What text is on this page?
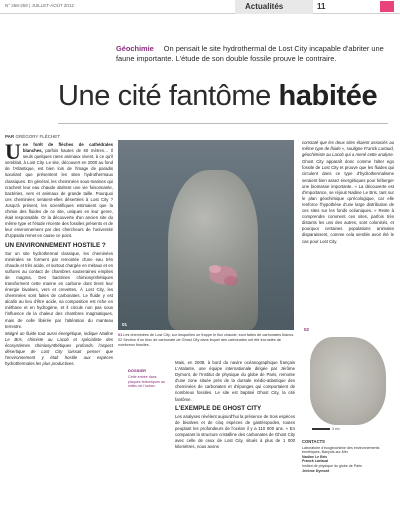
N° 258-259 | JUILLET-AOÛT 2012	Actualités	11
Géochimie On pensait le site hydrothermal de Lost City incapable d'abriter une faune importante. L'étude de son double fossile prouve le contraire.
Une cité fantôme habitée
PAR GRÉGORY FLÉCHET

Une forêt de flèches de cathédrales blanches, parfois hautes de 60 mètres… Il seuls quelques rares animaux vivent, à ce qu'il semblait, à Lost City. Le site, découvert en 2000 au fond de l'Atlantique, est bien loin de l'image de paradis luxuriant que présentent les sites hydrothermaux classiques. En général, les cheminées sous-marines qui crachent leur eau chaude abritent une vie foisonnante, bactéries, vers et animaux de grande taille. Pourquoi ces cheminées seraient-elles désertées à Lost City ? Jusqu'à présent, les scientifiques estimaient que la chimie des fluides de ce site, uniques en leur genre, était responsable. Or la découverte d'un ancien site du même type et l'étude récente des fossiles présents et de leur environnement par des chercheurs de l'université d'Uppsala remet en cause ce point.

UN ENVIRONNEMENT HOSTILE ?

Sur un site hydrothermal classique, les cheminées minérales se forment par remontée d'une eau très chaude et très acide, et surtout chargée en métaux et en sulfures au contact de chambres souterraines emplies de magma. Des bactéries chimiosynthétiques transforment cette manne en carbone dont tirent leur énergie bivalves, vers et crevettes. À Lost City, les cheminées sont faites de carbonates. Le fluide y est alcalin au lieu d'être acide, sa composition est riche en méthane et en hydrogène, et il circule non pas sous l'influence de la chaleur des chambres magmatiques, mais de celle libérée par l'altération du manteau terrestre.

Malgré un fluide tout aussi énergétique, indique Nadine Le Bris, chimiste au Lacob et spécialiste des écosystèmes chimiosynthétiques profonds, l'aspect désertique de Lost City laissait penser que l'environnement y était hostile aux espèces hydrothermales les plus productives.

01
01 Les cheminées de Lost City, sur lesquelles on frappe le flux chaude, sont faites de carbonates blancs. 02 Section d'un bloc de carbonate de Ghost City dans lequel des carbonates ont été incrustés de nombreux fossiles.
DOSSIER
Cette entrée dans plaques tectoniques au milieu de l'océan.

Mais, en 2008, à bord du navire océanographique français L'Atalante, une équipe internationale dirigée par Jérôme Dymont, de l'Institut de physique du globe de Paris, remonte d'une zone située près de la dorsale médio-atlantique des cheminées de carbonates et d'éponges qui comportaient de nombreux fossiles. Le site est baptisé Ghost City, la cité fantôme.

L'EXEMPLE DE GHOST CITY

Les analyses révèlent aujourd'hui la présence de trois espèces de bivalves et de cinq espèces de gastéropodes, toutes peuplant les profondeurs de l'océan il y a 110 000 ans. « En comparant la structure cristalline des carbonates de Ghost City avec celle de ceux de Lost City, situés à plus de 1 000 kilomètres, nous avons

constaté que les deux sites étaient associés au même type de fluide », souligne Franck Lartaud, géochimiste au Lacob qui a mené cette analyse.

Ghost City apparaît donc comme l'alter ego fossile de Lost City et prouve que les fluides qui circulent dans ce type d'hydrothermalisme seraient bien assez énergétiques pour héberger une biomasse importante. « La découverte est d'importance, se réjouit Nadine Le Bris, tant sur le plan géochimique qu'écologique, car elle renforce l'hypothèse d'une large distribution de ces sites sur les fonds océaniques. » Reste à comprendre comment ces sites, parfois très distants les uns des autres, sont colonisés, et pourquoi certaines populations animales disparaissent, comme cela semble avoir été le cas pour Lost City.

02
3 cm
CONTACTS
Laboratoire d'écogéochimie des environnements benthiques, Banyuls-sur-Mer
Nadine Le Bris
Franck Lartaud
Institut de physique du globe de Paris
Jérôme Dymont
